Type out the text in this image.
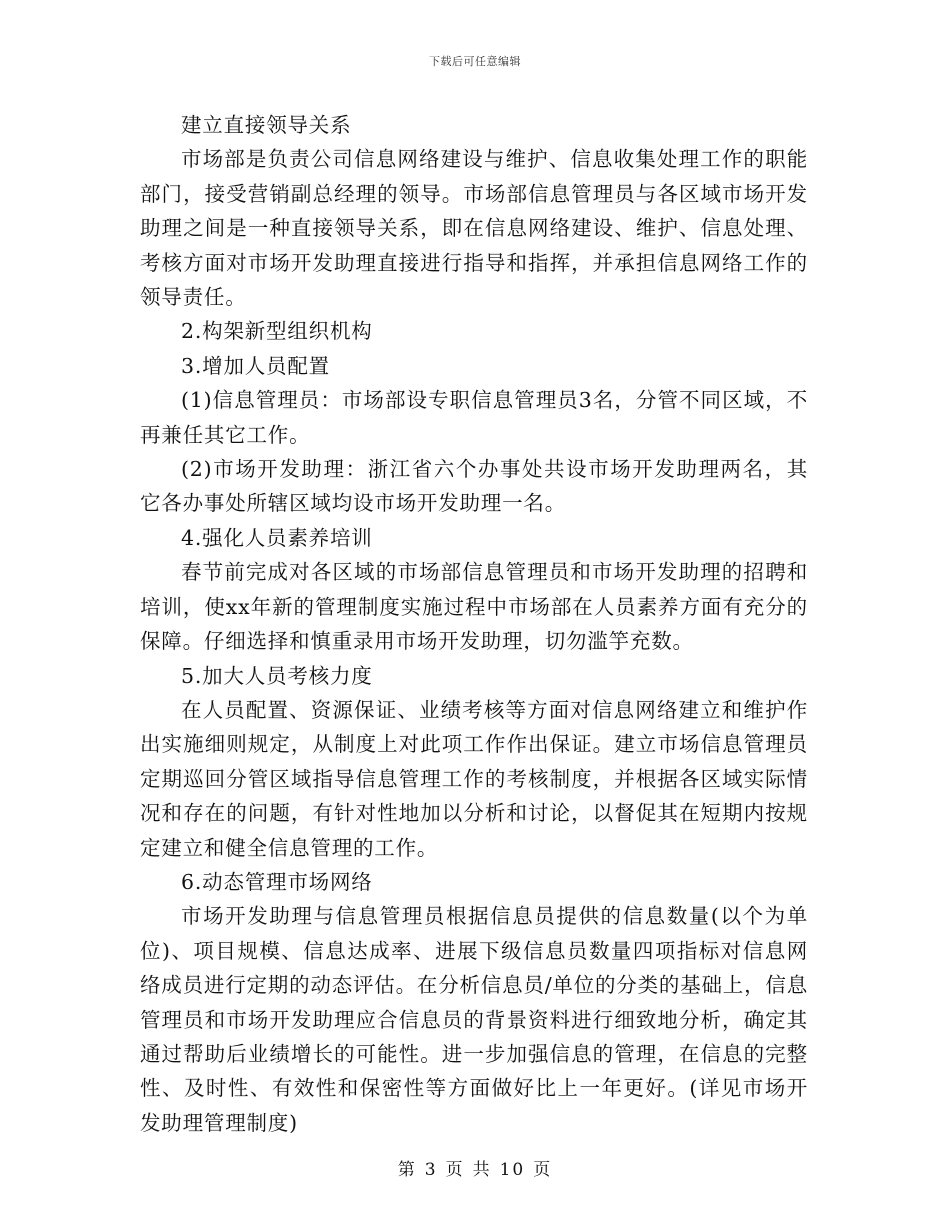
下载后可任意编辑

建立直接领导关系

市场部是负责公司信息网络建设与维护、信息收集处理工作的职能部门，接受营销副总经理的领导。市场部信息管理员与各区域市场开发助理之间是一种直接领导关系，即在信息网络建设、维护、信息处理、考核方面对市场开发助理直接进行指导和指挥，并承担信息网络工作的领导责任。

2.构架新型组织机构

3.增加人员配置

(1)信息管理员：市场部设专职信息管理员3名，分管不同区域，不再兼任其它工作。

(2)市场开发助理：浙江省六个办事处共设市场开发助理两名，其它各办事处所辖区域均设市场开发助理一名。

4.强化人员素养培训

春节前完成对各区域的市场部信息管理员和市场开发助理的招聘和培训，使xx年新的管理制度实施过程中市场部在人员素养方面有充分的保障。仔细选择和慎重录用市场开发助理，切勿滥竽充数。

5.加大人员考核力度

在人员配置、资源保证、业绩考核等方面对信息网络建立和维护作出实施细则规定，从制度上对此项工作作出保证。建立市场信息管理员定期巡回分管区域指导信息管理工作的考核制度，并根据各区域实际情况和存在的问题，有针对性地加以分析和讨论，以督促其在短期内按规定建立和健全信息管理的工作。

6.动态管理市场网络

市场开发助理与信息管理员根据信息员提供的信息数量(以个为单位)、项目规模、信息达成率、进展下级信息员数量四项指标对信息网络成员进行定期的动态评估。在分析信息员/单位的分类的基础上，信息管理员和市场开发助理应合信息员的背景资料进行细致地分析，确定其通过帮助后业绩增长的可能性。进一步加强信息的管理，在信息的完整性、及时性、有效性和保密性等方面做好比上一年更好。(详见市场开发助理管理制度)

第 3 页 共 10 页
